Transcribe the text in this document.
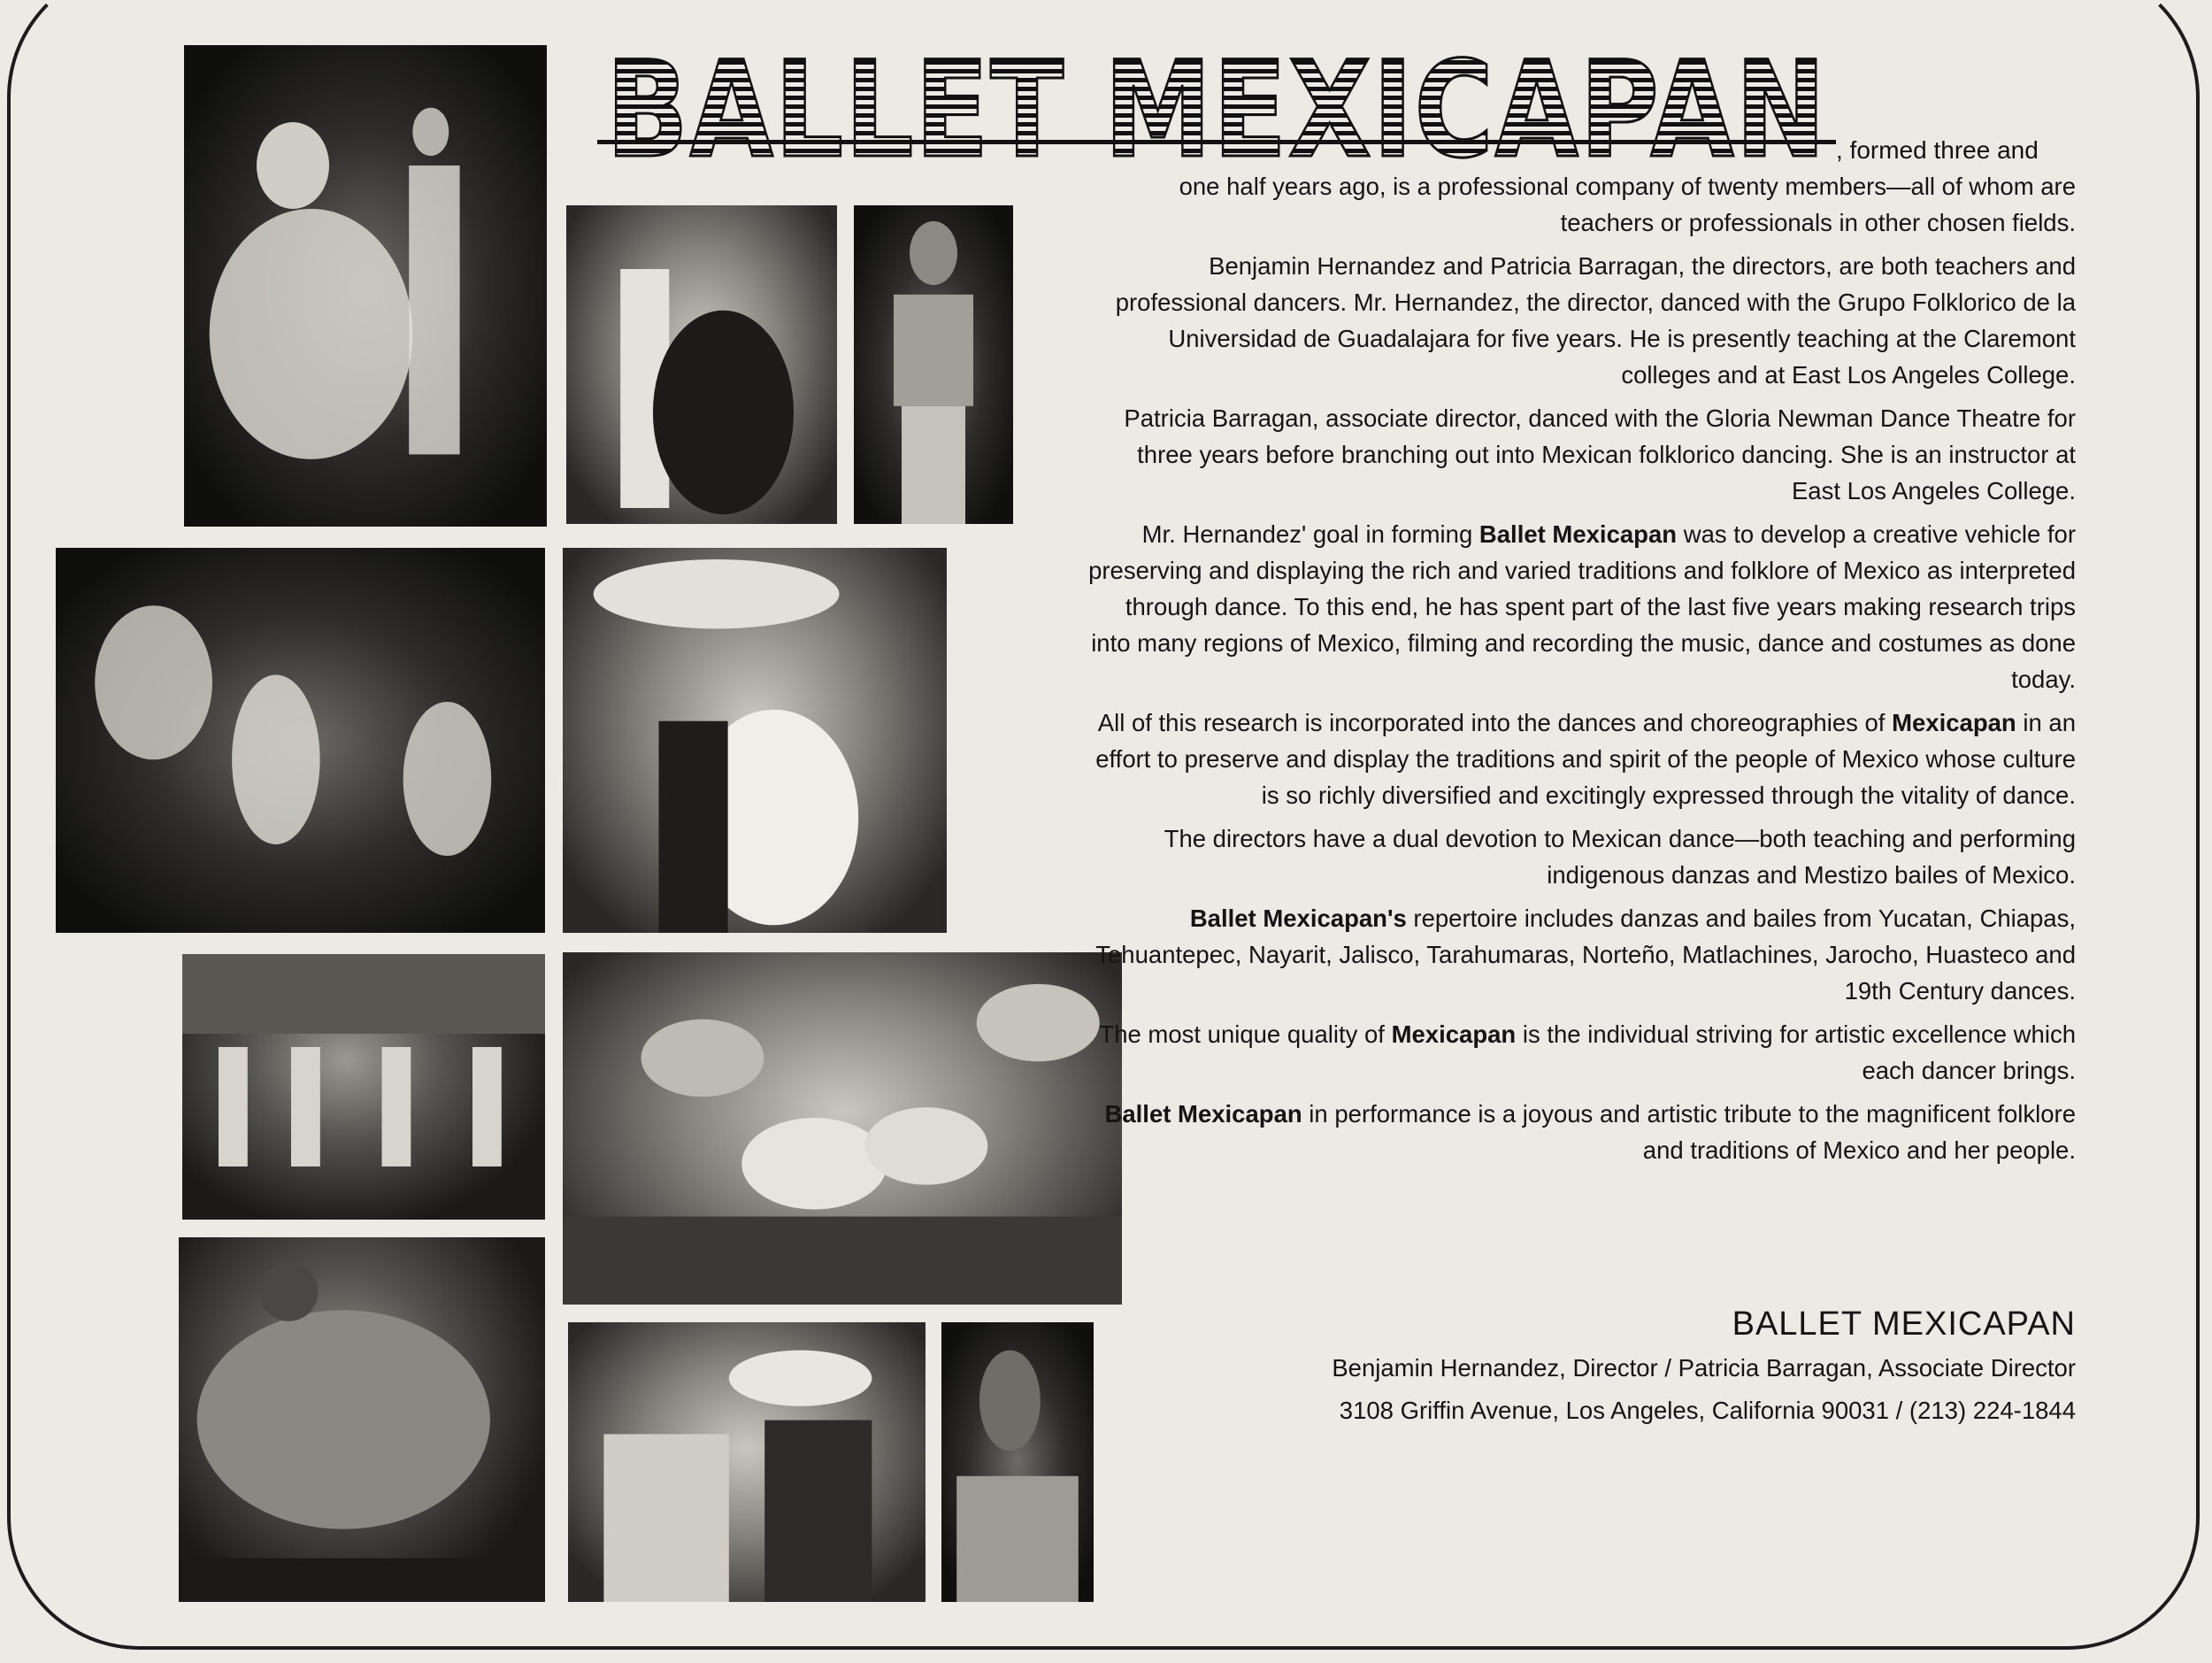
BALLET MEXICAPAN , formed three and

one half years ago, is a professional company of twenty members—all of whom are teachers or professionals in other chosen fields.

Benjamin Hernandez and Patricia Barragan, the directors, are both teachers and professional dancers. Mr. Hernandez, the director, danced with the Grupo Folklorico de la Universidad de Guadalajara for five years. He is presently teaching at the Claremont colleges and at East Los Angeles College.

Patricia Barragan, associate director, danced with the Gloria Newman Dance Theatre for three years before branching out into Mexican folklorico dancing. She is an instructor at East Los Angeles College.

Mr. Hernandez' goal in forming Ballet Mexicapan was to develop a creative vehicle for preserving and displaying the rich and varied traditions and folklore of Mexico as interpreted through dance. To this end, he has spent part of the last five years making research trips into many regions of Mexico, filming and recording the music, dance and costumes as done today.

All of this research is incorporated into the dances and choreographies of Mexicapan in an effort to preserve and display the traditions and spirit of the people of Mexico whose culture is so richly diversified and excitingly expressed through the vitality of dance.

The directors have a dual devotion to Mexican dance—both teaching and performing indigenous danzas and Mestizo bailes of Mexico.

Ballet Mexicapan's repertoire includes danzas and bailes from Yucatan, Chiapas, Tehuantepec, Nayarit, Jalisco, Tarahumaras, Norteño, Matlachines, Jarocho, Huasteco and 19th Century dances.

The most unique quality of Mexicapan is the individual striving for artistic excellence which each dancer brings.

Ballet Mexicapan in performance is a joyous and artistic tribute to the magnificent folklore and traditions of Mexico and her people.

BALLET MEXICAPAN
Benjamin Hernandez, Director / Patricia Barragan, Associate Director
3108 Griffin Avenue, Los Angeles, California 90031 / (213) 224-1844
